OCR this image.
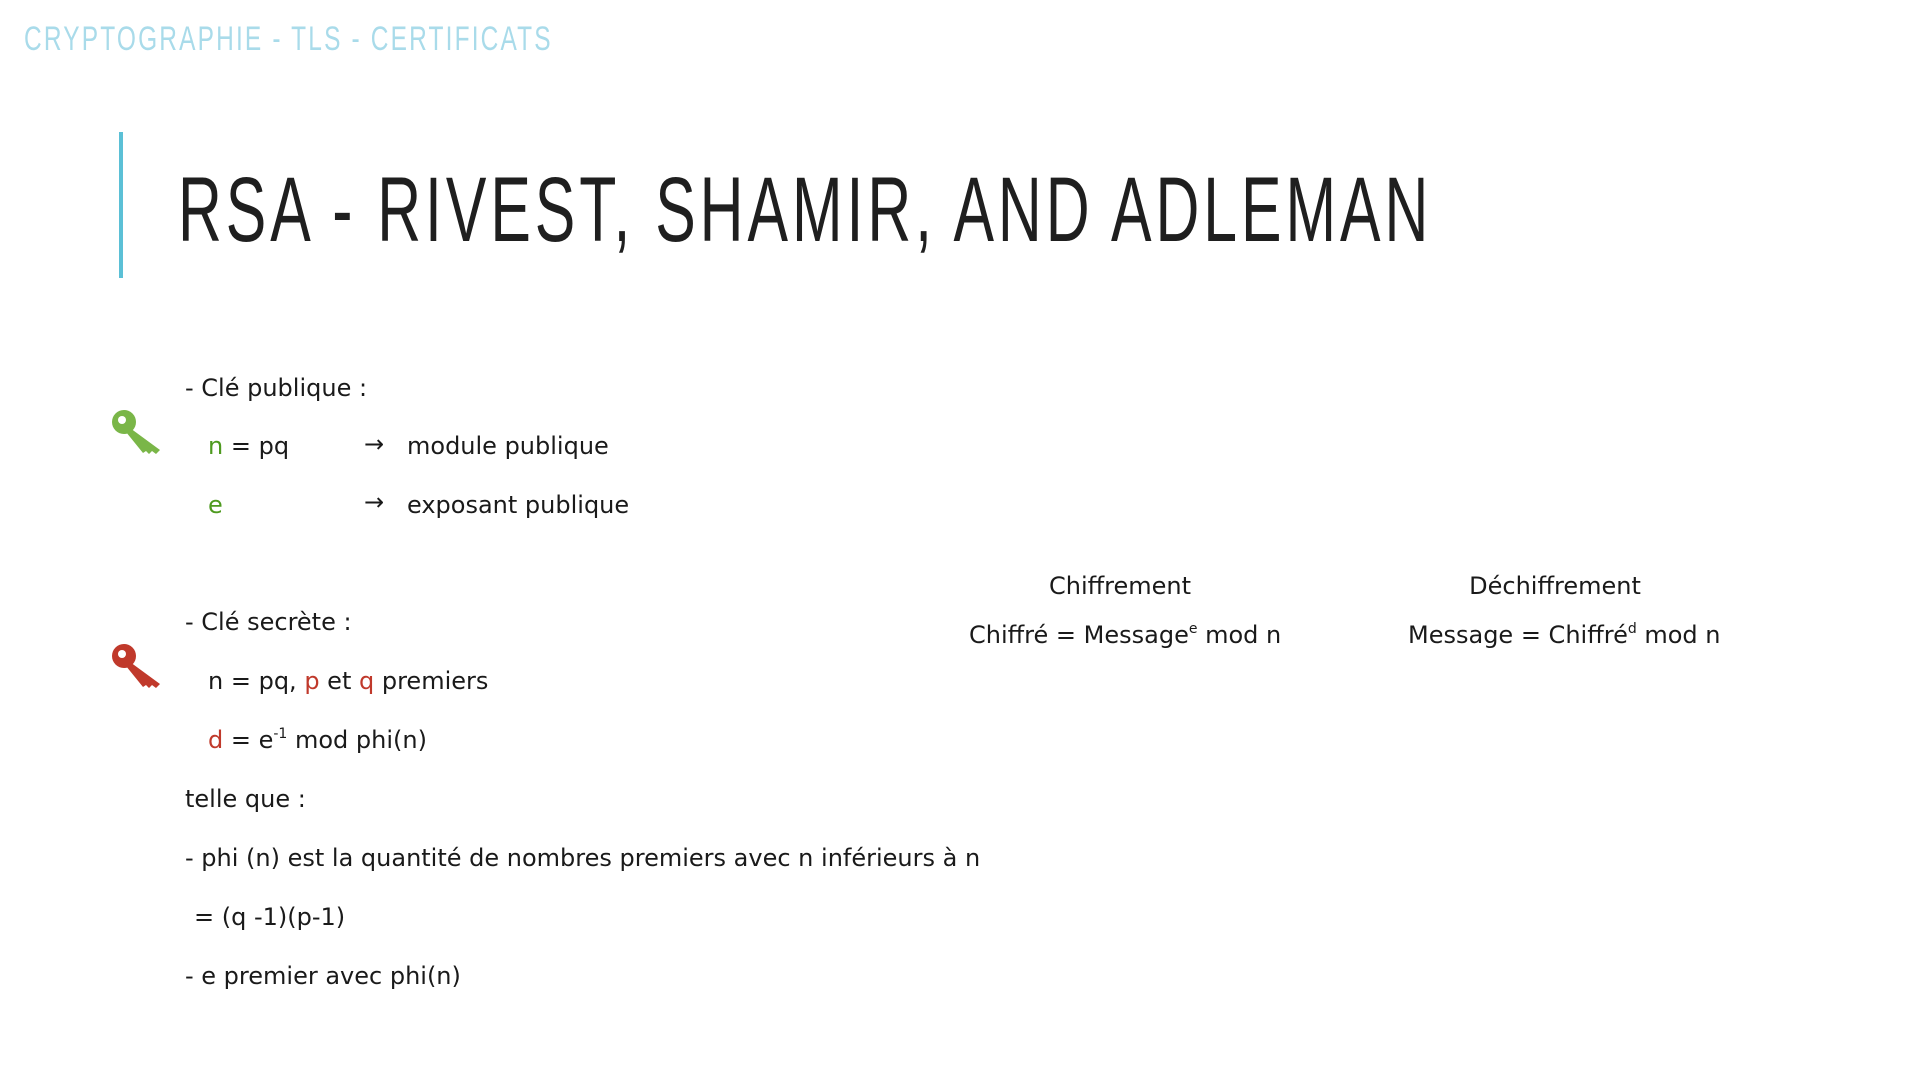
CRYPTOGRAPHIE - TLS - CERTIFICATS
RSA - RIVEST, SHAMIR, AND ADLEMAN
- Clé publique :
n = pq	→ module publique
e	→ exposant publique
- Clé secrète :
n = pq, p et q premiers
$d = e^{-1}$ mod phi(n)
telle que :
- phi (n) est la quantité de nombres premiers avec n inférieurs à n
= (q -1)(p-1)
- e premier avec phi(n)
Chiffrement
Chiffré = Message$^e$ mod n
Déchiffrement
Message = Chiffré$^d$ mod n
